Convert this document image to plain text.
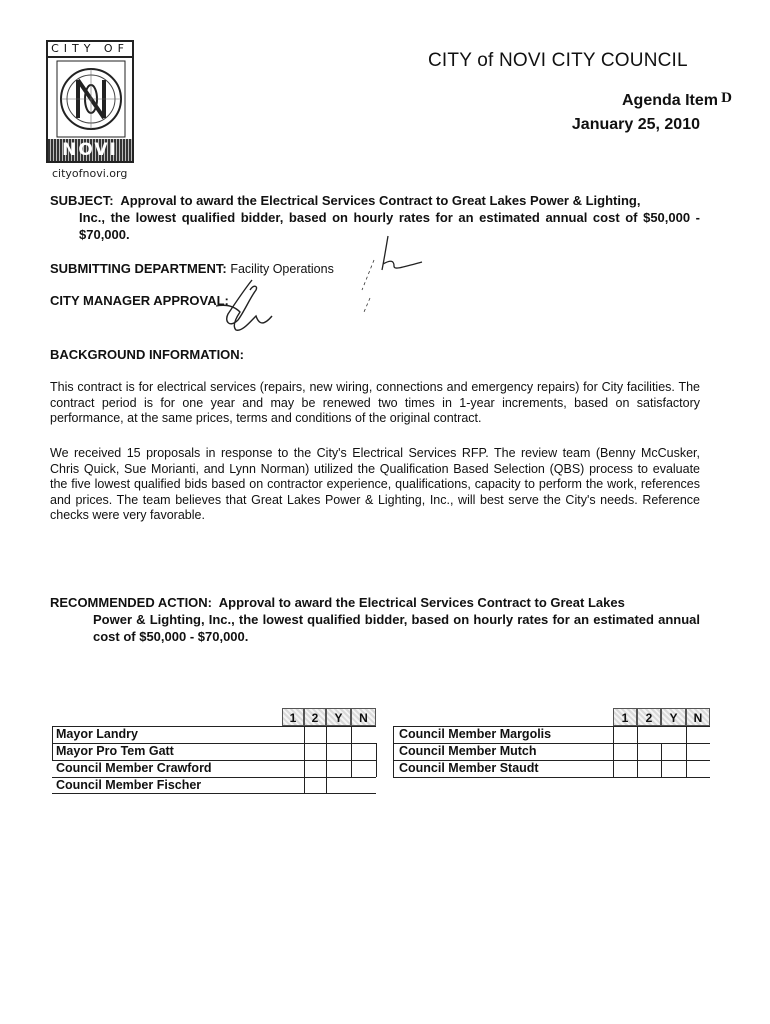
CITY OF
NOVI
cityofnovi.org
CITY of NOVI CITY COUNCIL
Agenda Item D
January 25, 2010
SUBJECT: Approval to award the Electrical Services Contract to Great Lakes Power & Lighting,
Inc., the lowest qualified bidder, based on hourly rates for an estimated annual cost of $50,000 - $70,000.
SUBMITTING DEPARTMENT: Facility Operations
CITY MANAGER APPROVAL:
BACKGROUND INFORMATION:
This contract is for electrical services (repairs, new wiring, connections and emergency repairs) for City facilities. The contract period is for one year and may be renewed two times in 1-year increments, based on satisfactory performance, at the same prices, terms and conditions of the original contract.
We received 15 proposals in response to the City's Electrical Services RFP. The review team (Benny McCusker, Chris Quick, Sue Morianti, and Lynn Norman) utilized the Qualification Based Selection (QBS) process to evaluate the five lowest qualified bids based on contractor experience, qualifications, capacity to perform the work, references and prices. The team believes that Great Lakes Power & Lighting, Inc., will best serve the City's needs. Reference checks were very favorable.
RECOMMENDED ACTION: Approval to award the Electrical Services Contract to Great Lakes
Power & Lighting, Inc., the lowest qualified bidder, based on hourly rates for an estimated annual cost of $50,000 - $70,000.
1	2	Y	N
Mayor Landry
Mayor Pro Tem Gatt
Council Member Crawford
Council Member Fischer
1	2	Y	N
Council Member Margolis
Council Member Mutch
Council Member Staudt
